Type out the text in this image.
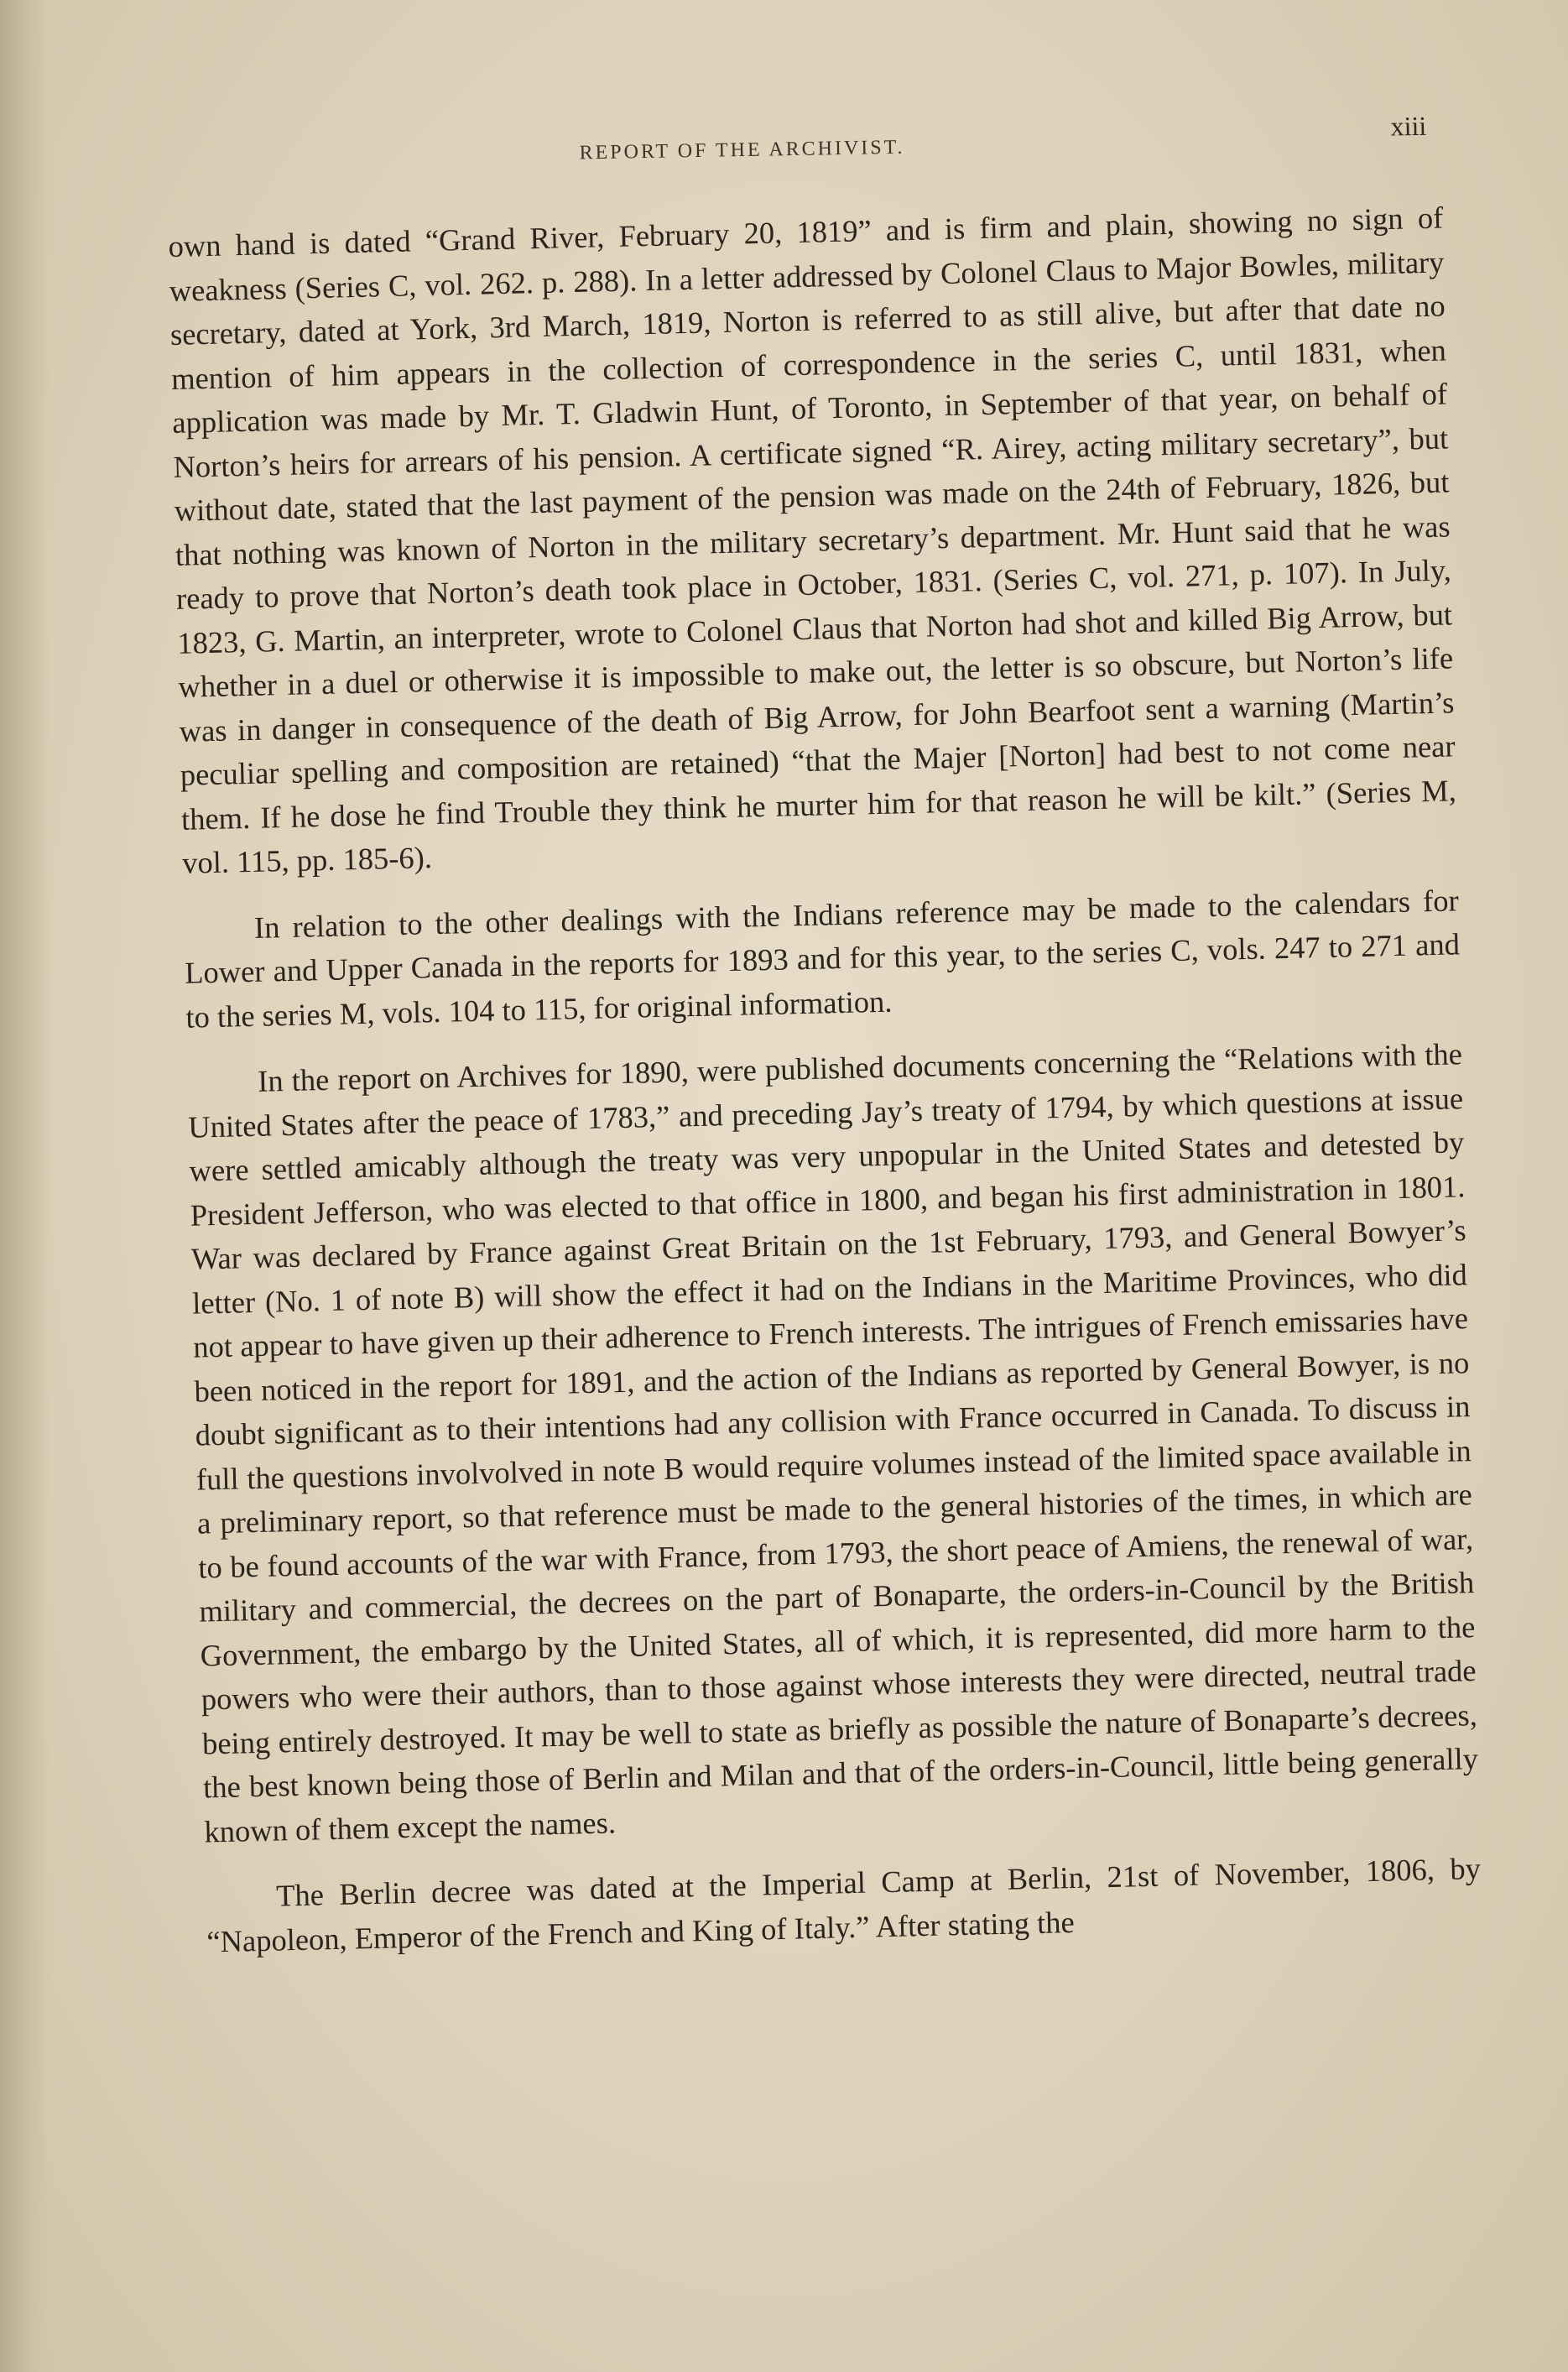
REPORT OF THE ARCHIVIST.
xiii

own hand is dated “Grand River, February 20, 1819” and is firm and plain, showing no sign of weakness (Series C, vol. 262. p. 288). In a letter addressed by Colonel Claus to Major Bowles, military secretary, dated at York, 3rd March, 1819, Norton is referred to as still alive, but after that date no mention of him appears in the collection of correspondence in the series C, until 1831, when application was made by Mr. T. Gladwin Hunt, of Toronto, in September of that year, on behalf of Norton’s heirs for arrears of his pension. A certificate signed “R. Airey, acting military secretary”, but without date, stated that the last payment of the pension was made on the 24th of February, 1826, but that nothing was known of Norton in the military secretary’s department. Mr. Hunt said that he was ready to prove that Norton’s death took place in October, 1831. (Series C, vol. 271, p. 107). In July, 1823, G. Martin, an interpreter, wrote to Colonel Claus that Norton had shot and killed Big Arrow, but whether in a duel or otherwise it is impossible to make out, the letter is so obscure, but Norton’s life was in danger in consequence of the death of Big Arrow, for John Bearfoot sent a warning (Martin’s peculiar spelling and composition are retained) “that the Majer [Norton] had best to not come near them. If he dose he find Trouble they think he murter him for that reason he will be kilt.” (Series M, vol. 115, pp. 185-6).

In relation to the other dealings with the Indians reference may be made to the calendars for Lower and Upper Canada in the reports for 1893 and for this year, to the series C, vols. 247 to 271 and to the series M, vols. 104 to 115, for original information.

In the report on Archives for 1890, were published documents concerning the “Relations with the United States after the peace of 1783,” and preceding Jay’s treaty of 1794, by which questions at issue were settled amicably although the treaty was very unpopular in the United States and detested by President Jefferson, who was elected to that office in 1800, and began his first administration in 1801. War was declared by France against Great Britain on the 1st February, 1793, and General Bowyer’s letter (No. 1 of note B) will show the effect it had on the Indians in the Maritime Provinces, who did not appear to have given up their adherence to French interests. The intrigues of French emissaries have been noticed in the report for 1891, and the action of the Indians as reported by General Bowyer, is no doubt significant as to their intentions had any collision with France occurred in Canada. To discuss in full the questions involvolved in note B would require volumes instead of the limited space available in a preliminary report, so that reference must be made to the general histories of the times, in which are to be found accounts of the war with France, from 1793, the short peace of Amiens, the renewal of war, military and commercial, the decrees on the part of Bonaparte, the orders-in-Council by the British Government, the embargo by the United States, all of which, it is represented, did more harm to the powers who were their authors, than to those against whose interests they were directed, neutral trade being entirely destroyed. It may be well to state as briefly as possible the nature of Bonaparte’s decrees, the best known being those of Berlin and Milan and that of the orders-in-Council, little being generally known of them except the names.

The Berlin decree was dated at the Imperial Camp at Berlin, 21st of November, 1806, by “Napoleon, Emperor of the French and King of Italy.” After stating the
